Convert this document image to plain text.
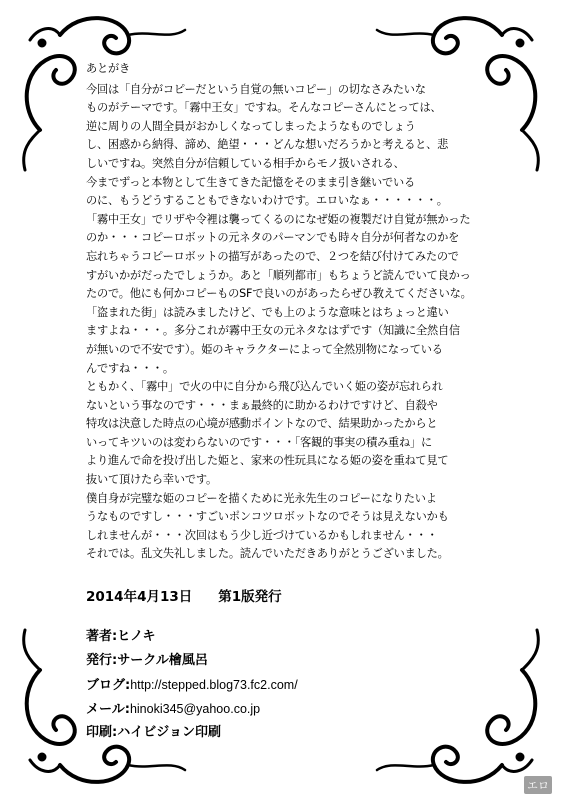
あとがき
今回は「自分がコピーだという自覚の無いコピー」の切なさみたいな
ものがテーマです。「霧中王女」ですね。そんなコピーさんにとっては、
逆に周りの人間全員がおかしくなってしまったようなものでしょう
し、困惑から納得、諦め、絶望・・・どんな想いだろうかと考えると、悲
しいですね。突然自分が信頼している相手からモノ扱いされる、
今までずっと本物として生きてきた記憶をそのまま引き継いでいる
のに、もうどうすることもできないわけです。エロいなぁ・・・・・・。
「霧中王女」でリザや令裡は襲ってくるのになぜ姫の複製だけ自覚が無かった
のか・・・コピーロボットの元ネタのパーマンでも時々自分が何者なのかを
忘れちゃうコピーロボットの描写があったので、２つを結び付けてみたので
すがいかがだったでしょうか。あと「順列都市」もちょうど読んでいて良かっ
たので。他にも何かコピーものSFで良いのがあったらぜひ教えてくださいな。
「盗まれた街」は読みましたけど、でも上のような意味とはちょっと違い
ますよね・・・。多分これが霧中王女の元ネタなはずです（知識に全然自信
が無いので不安です）。姫のキャラクターによって全然別物になっている
んですね・・・。
ともかく、「霧中」で火の中に自分から飛び込んでいく姫の姿が忘れられ
ないという事なのです・・・まぁ最終的に助かるわけですけど、自殺や
特攻は決意した時点の心境が感動ポイントなので、結果助かったからと
いってキツいのは変わらないのです・・・「客観的事実の積み重ね」に
より進んで命を投げ出した姫と、家来の性玩具になる姫の姿を重ねて見て
抜いて頂けたら幸いです。
僕自身が完璧な姫のコピーを描くために光永先生のコピーになりたいよ
うなものですし・・・すごいポンコツロボットなのでそうは見えないかも
しれませんが・・・次回はもう少し近づけているかもしれません・・・
それでは。乱文失礼しました。読んでいただきありがとうございました。
2014年4月13日 第1版発行
著者:ヒノキ
発行:サークル檜風呂
ブログ:http://stepped.blog73.fc2.com/
メール:hinoki345@yahoo.co.jp
印刷:ハイビジョン印刷
エロ
